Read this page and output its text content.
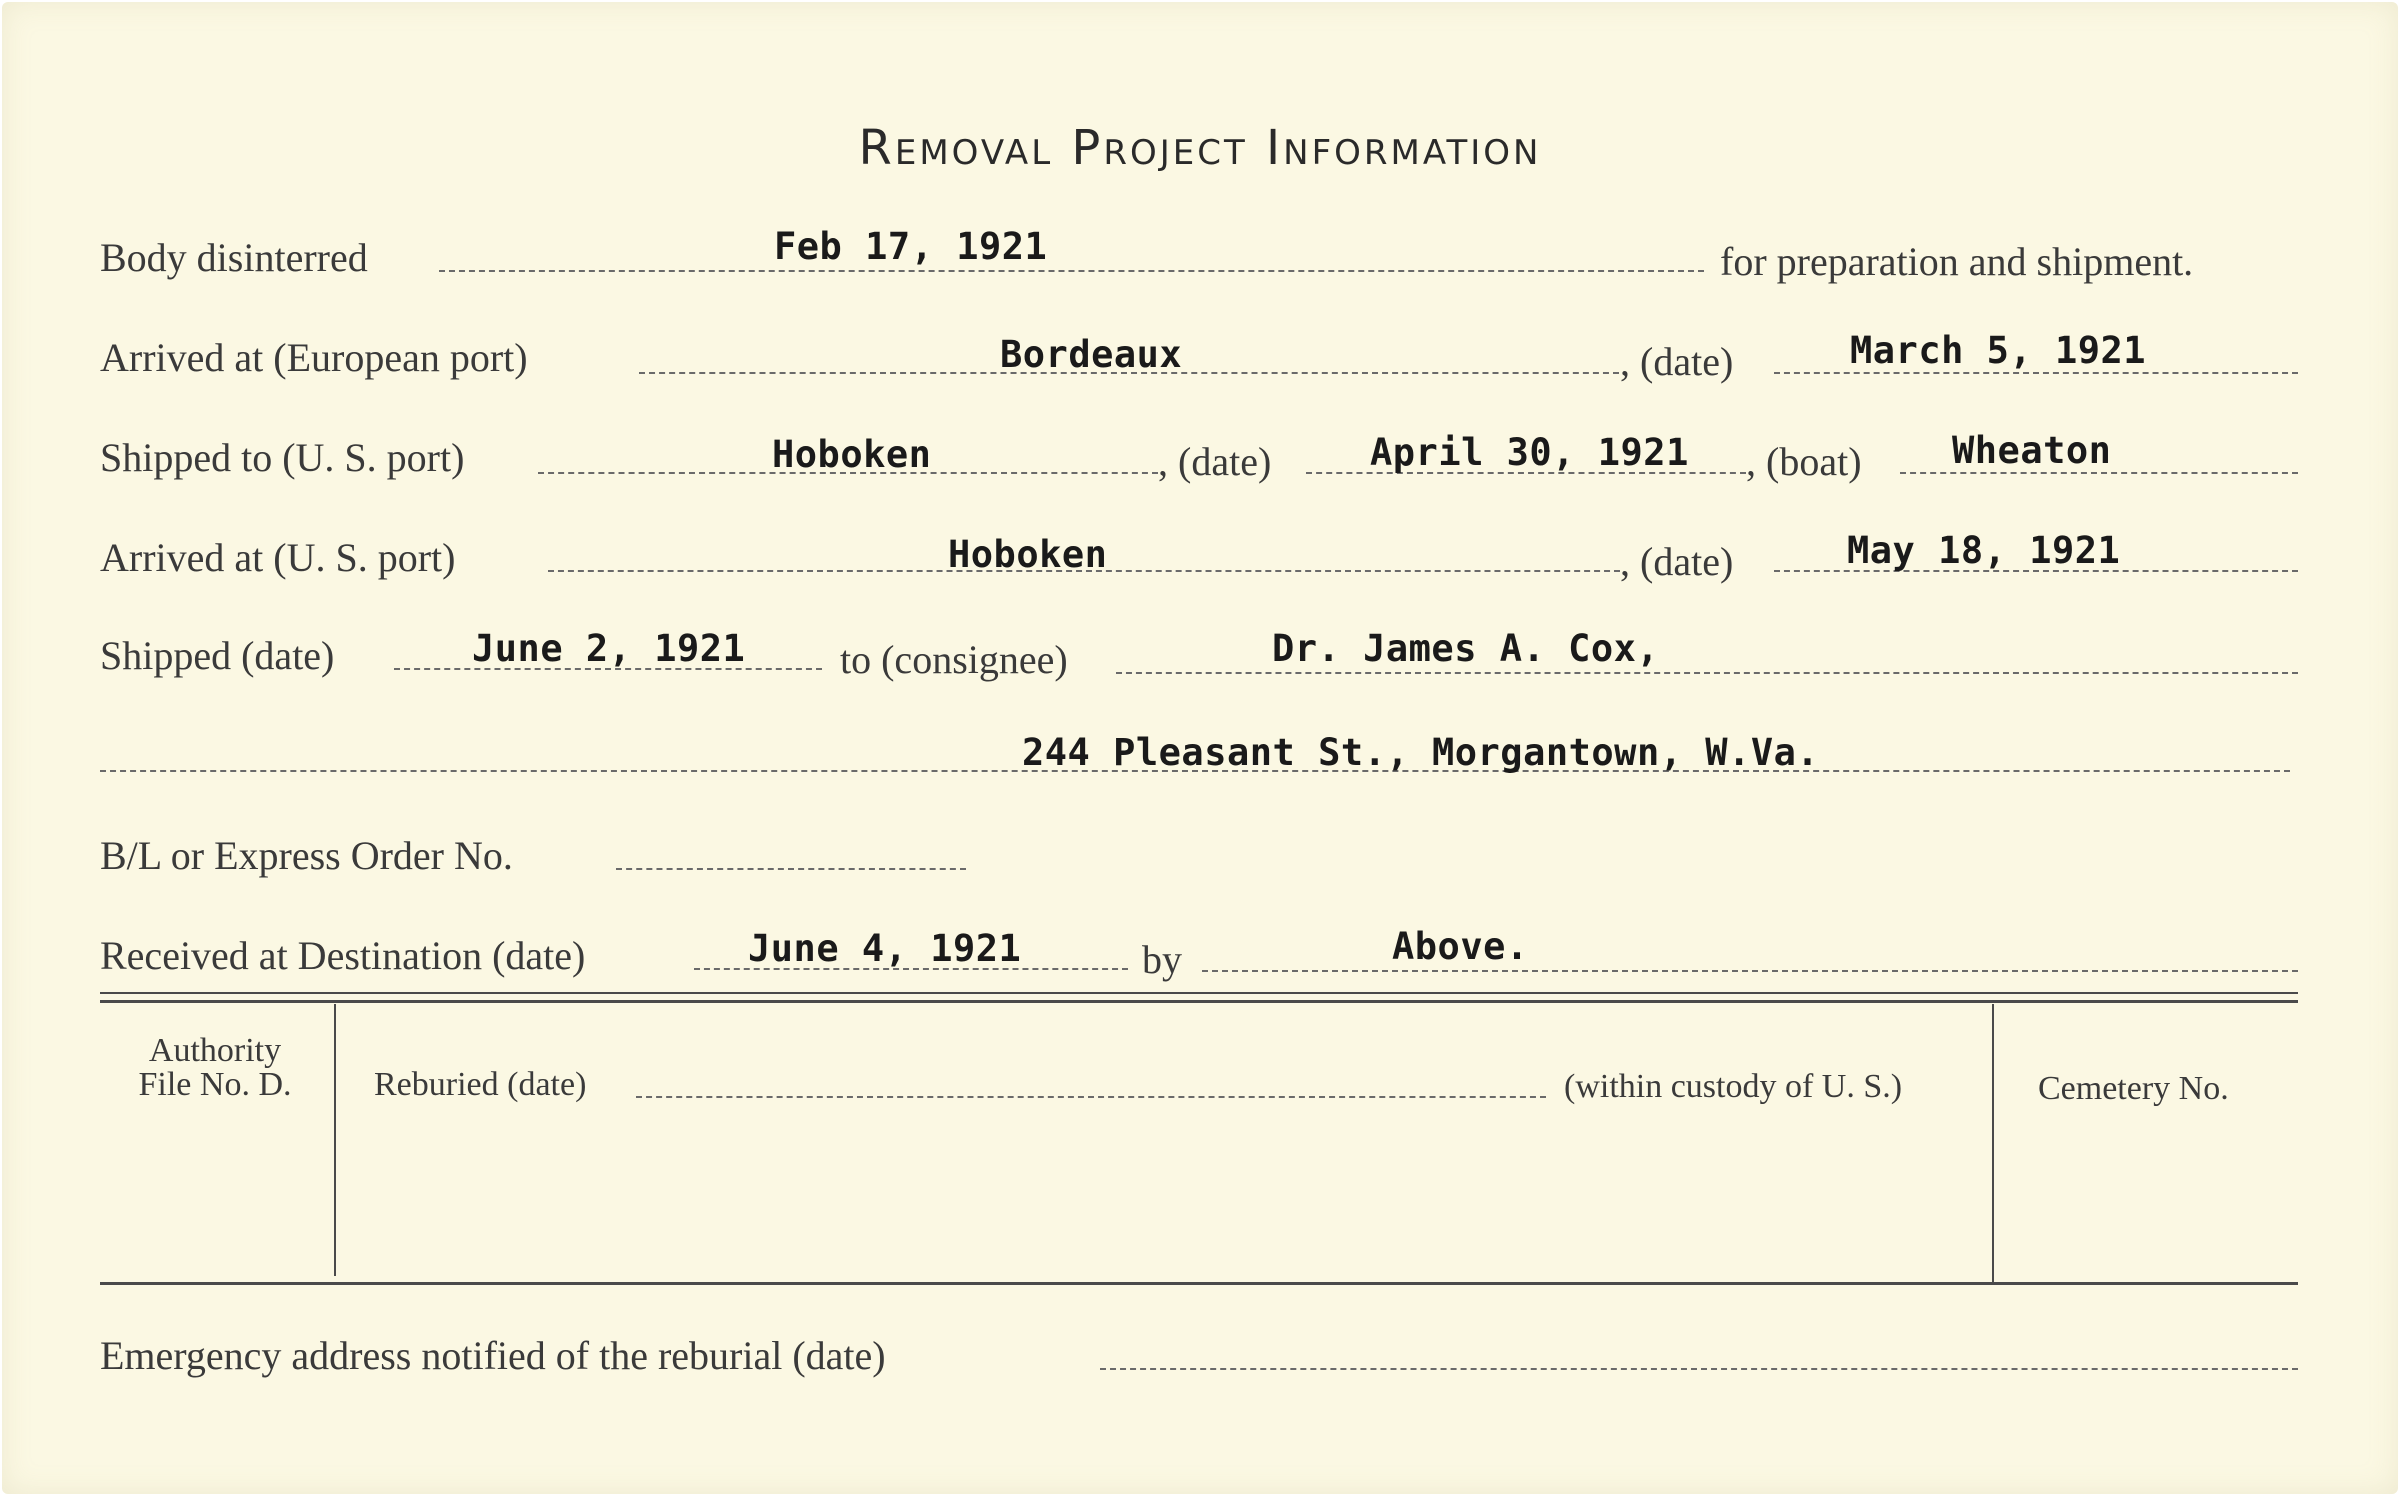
Removal Project Information
Body disinterred	Feb 17, 1921	for preparation and shipment.
Arrived at (European port)	Bordeaux	, (date)	March 5, 1921
Shipped to (U. S. port)	Hoboken	, (date)	April 30, 1921 , (boat) Wheaton
Arrived at (U. S. port)	Hoboken	, (date)	May 18, 1921
Shipped (date)	June 2, 1921 to (consignee)	Dr. James A. Cox,
244 Pleasant St., Morgantown, W.Va.
B/L or Express Order No.
Received at Destination (date)	June 4, 1921	by	Above.
Authority
File No. D.	Reburied (date)	(within custody of U. S.)	Cemetery No.
Emergency address notified of the reburial (date)
